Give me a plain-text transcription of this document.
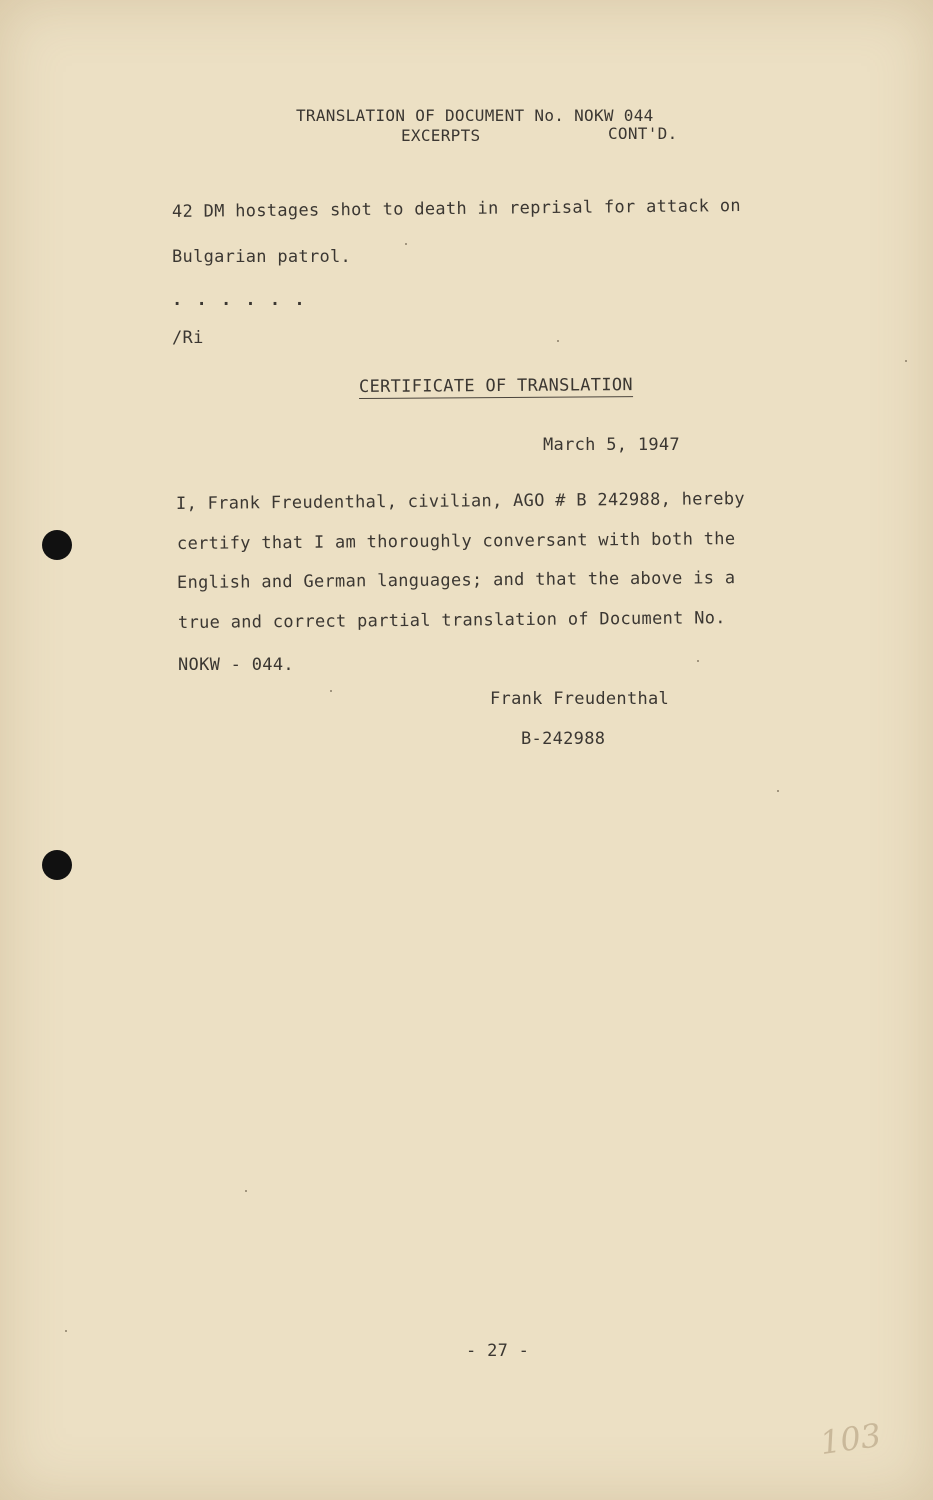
TRANSLATION OF DOCUMENT No. NOKW 044
EXCERPTS	CONT'D.
42 DM hostages shot to death in reprisal for attack on
Bulgarian patrol.
. . . . . .
/Ri
CERTIFICATE OF TRANSLATION
March 5, 1947
I, Frank Freudenthal, civilian, AGO # B 242988, hereby
certify that I am thoroughly conversant with both the
English and German languages; and that the above is a
true and correct partial translation of Document No.
NOKW - 044.
Frank Freudenthal
B-242988
- 27 -
103
